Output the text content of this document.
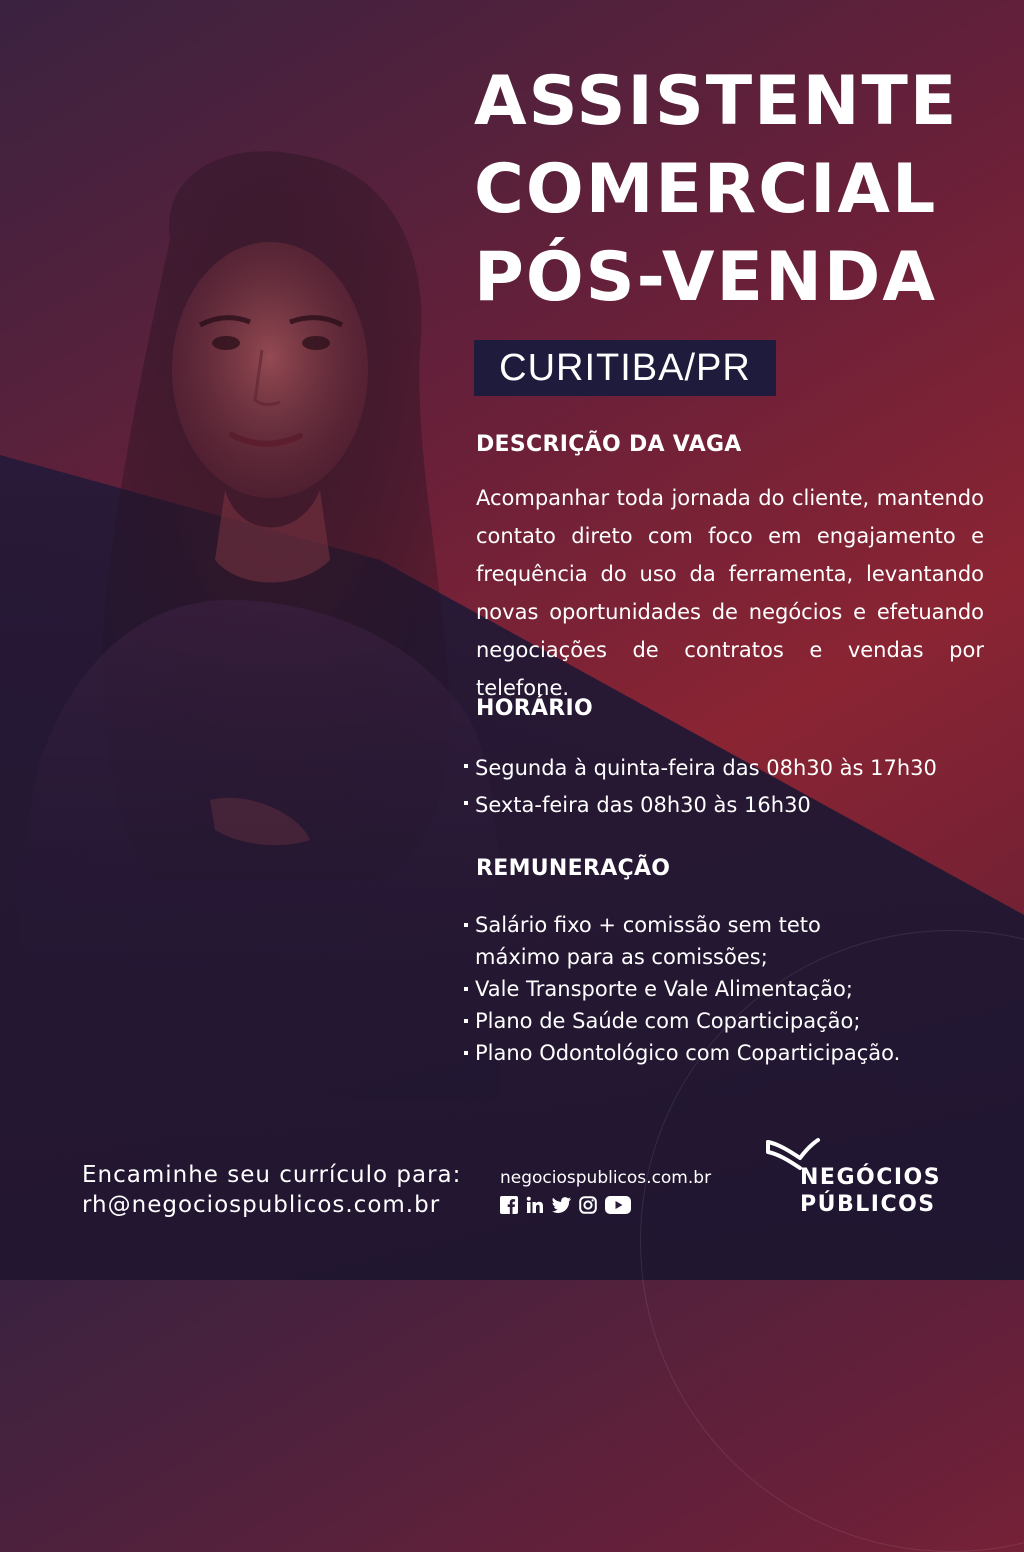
ASSISTENTE
COMERCIAL
PÓS-VENDA
CURITIBA/PR
DESCRIÇÃO DA VAGA

Acompanhar toda jornada do cliente, mantendo contato direto com foco em engajamento e frequência do uso da ferramenta, levantando novas oportunidades de negócios e efetuando negociações de contratos e vendas por telefone.

HORÁRIO
Segunda à quinta-feira das 08h30 às 17h30
Sexta-feira das 08h30 às 16h30
REMUNERAÇÃO
Salário fixo + comissão sem teto máximo para as comissões;
Vale Transporte e Vale Alimentação;
Plano de Saúde com Coparticipação;
Plano Odontológico com Coparticipação.
Encaminhe seu currículo para:
rh@negociospublicos.com.br
negociospublicos.com.br	NEGÓCIOS
PÚBLICOS
